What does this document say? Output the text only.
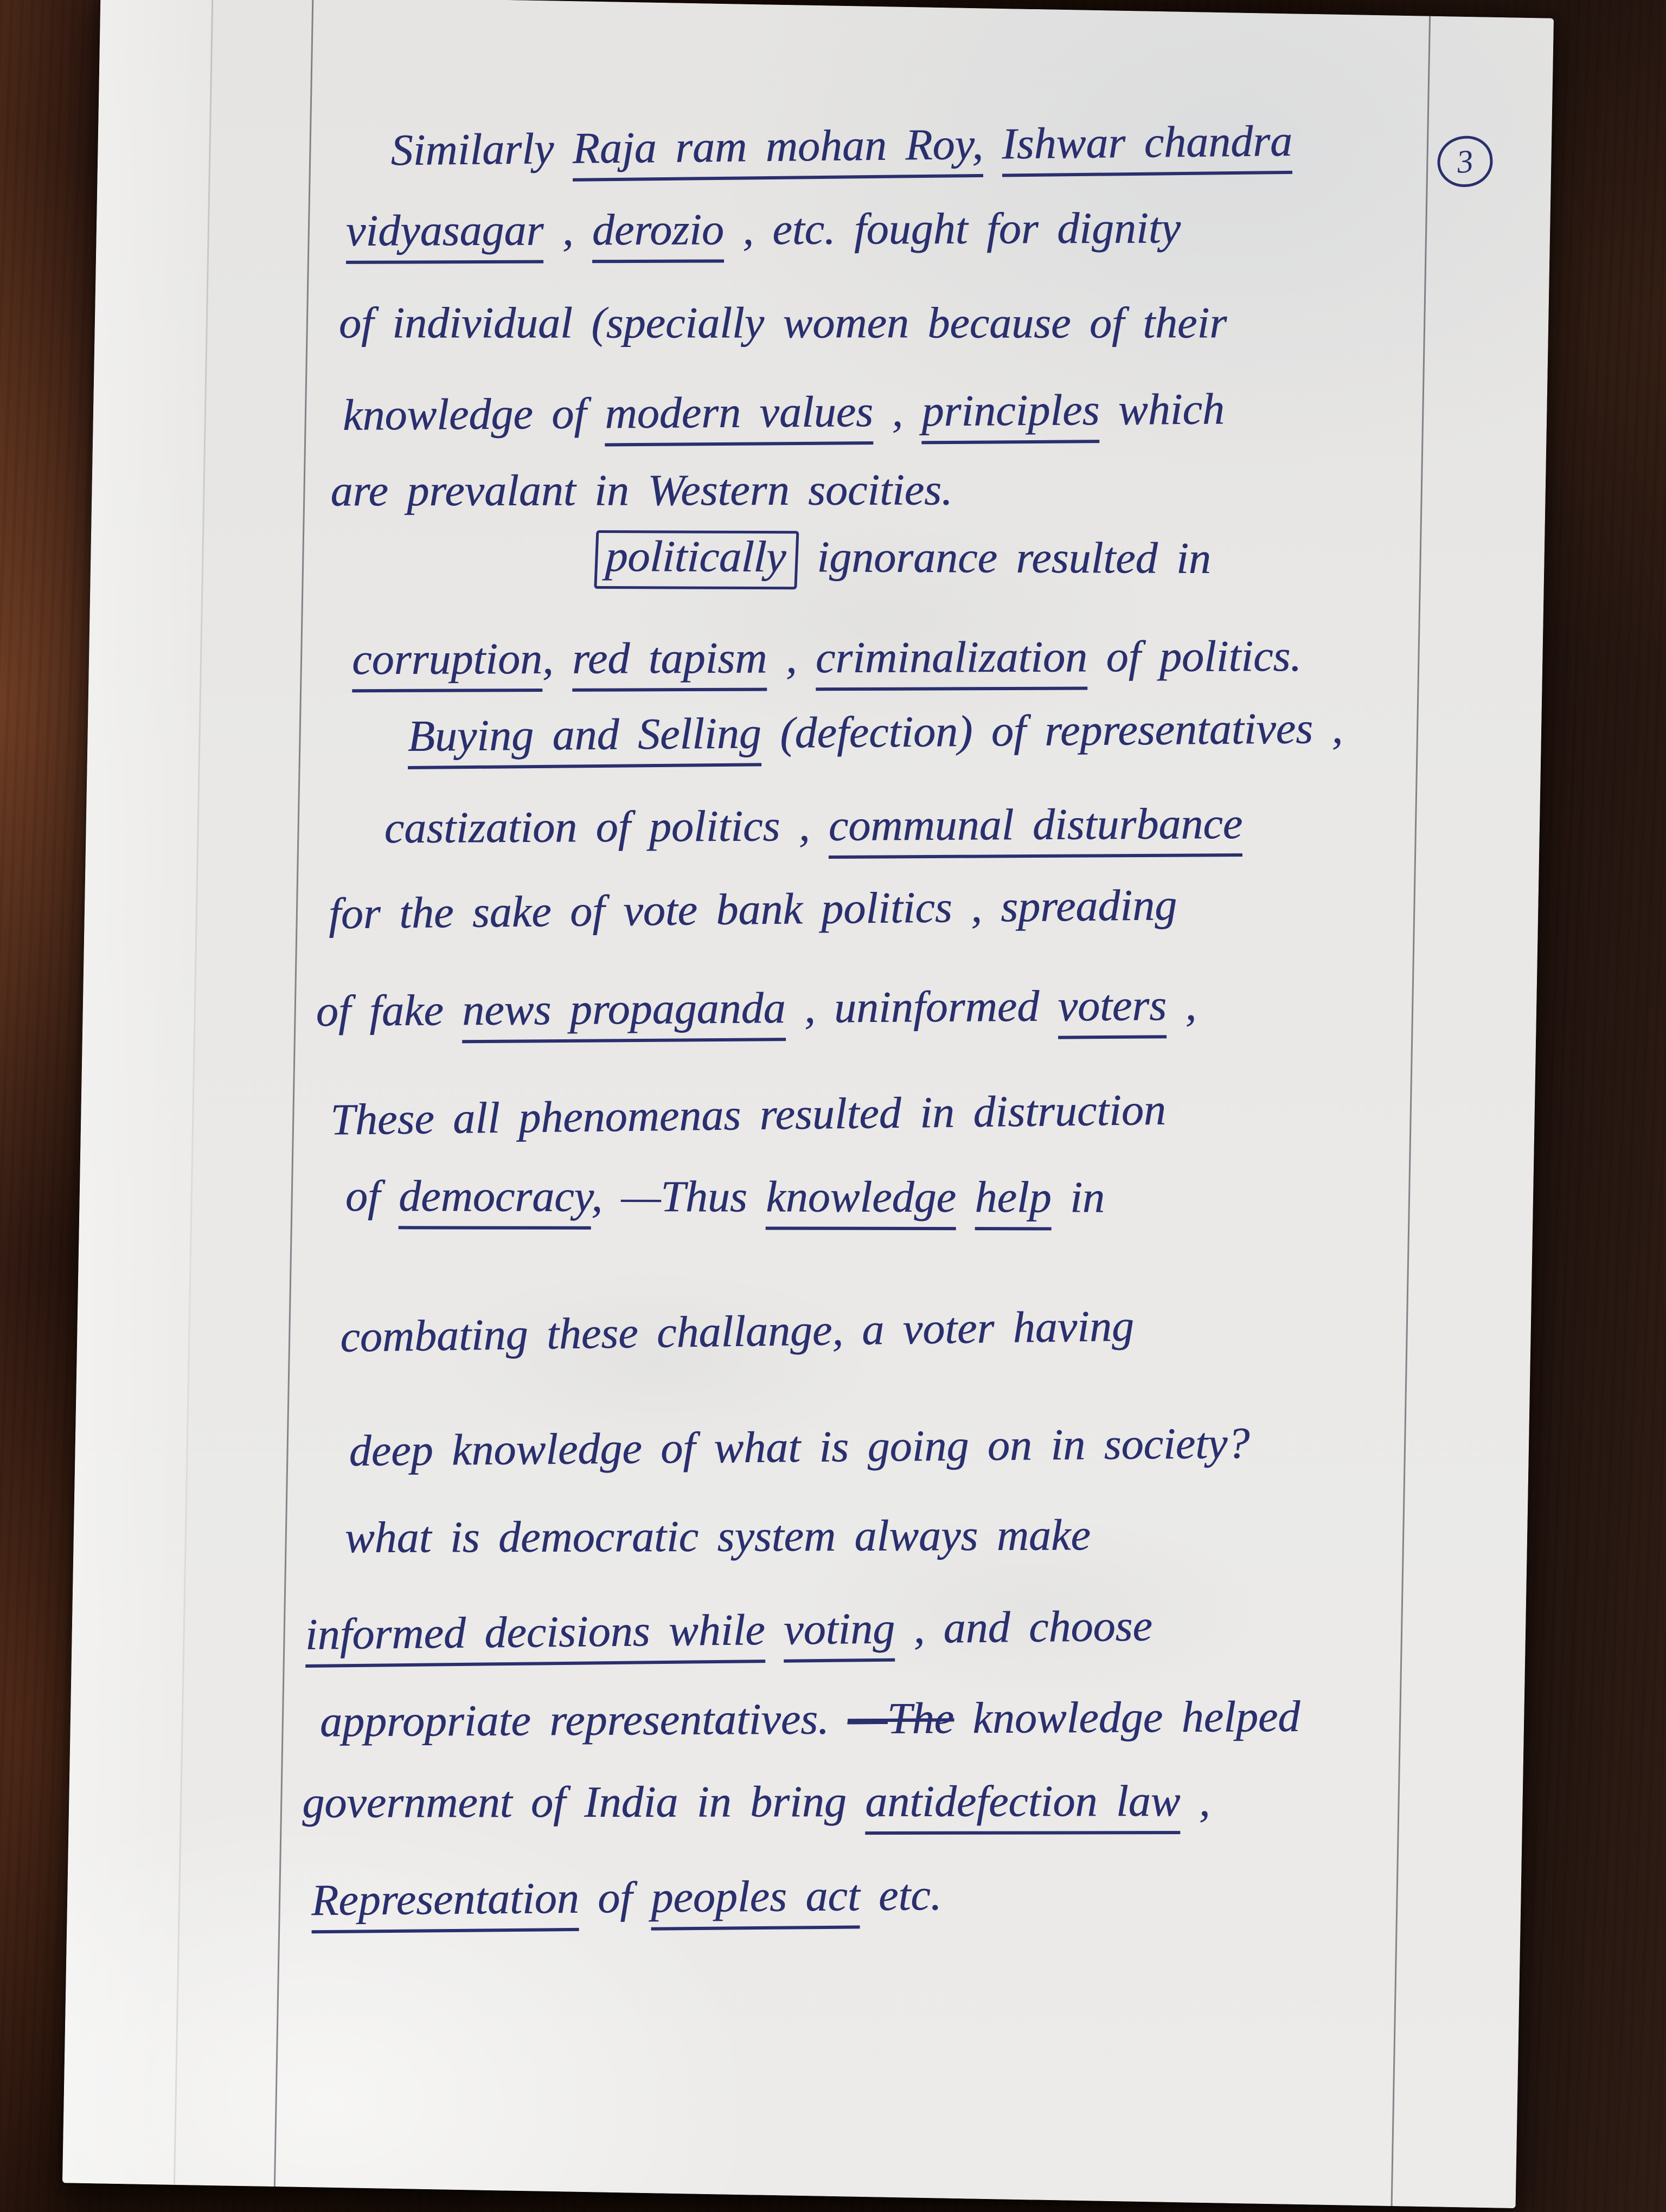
3
Similarly Raja ram mohan Roy, Ishwar chandra
vidyasagar , derozio , etc. fought for dignity
of individual (specially women because of their
knowledge of modern values , principles which
are prevalant in Western socities.
politically ignorance resulted in
corruption, red tapism , criminalization of politics.
Buying and Selling (defection) of representatives ,
castization of politics , communal disturbance
for the sake of vote bank politics , spreading
of fake news propaganda , uninformed voters ,
These all phenomenas resulted in distruction
of democracy, —Thus knowledge help in
combating these challange, a voter having
deep knowledge of what is going on in society?
what is democratic system always make
informed decisions while voting , and choose
appropriate representatives. —The knowledge helped
government of India in bring antidefection law ,
Representation of peoples act etc.
